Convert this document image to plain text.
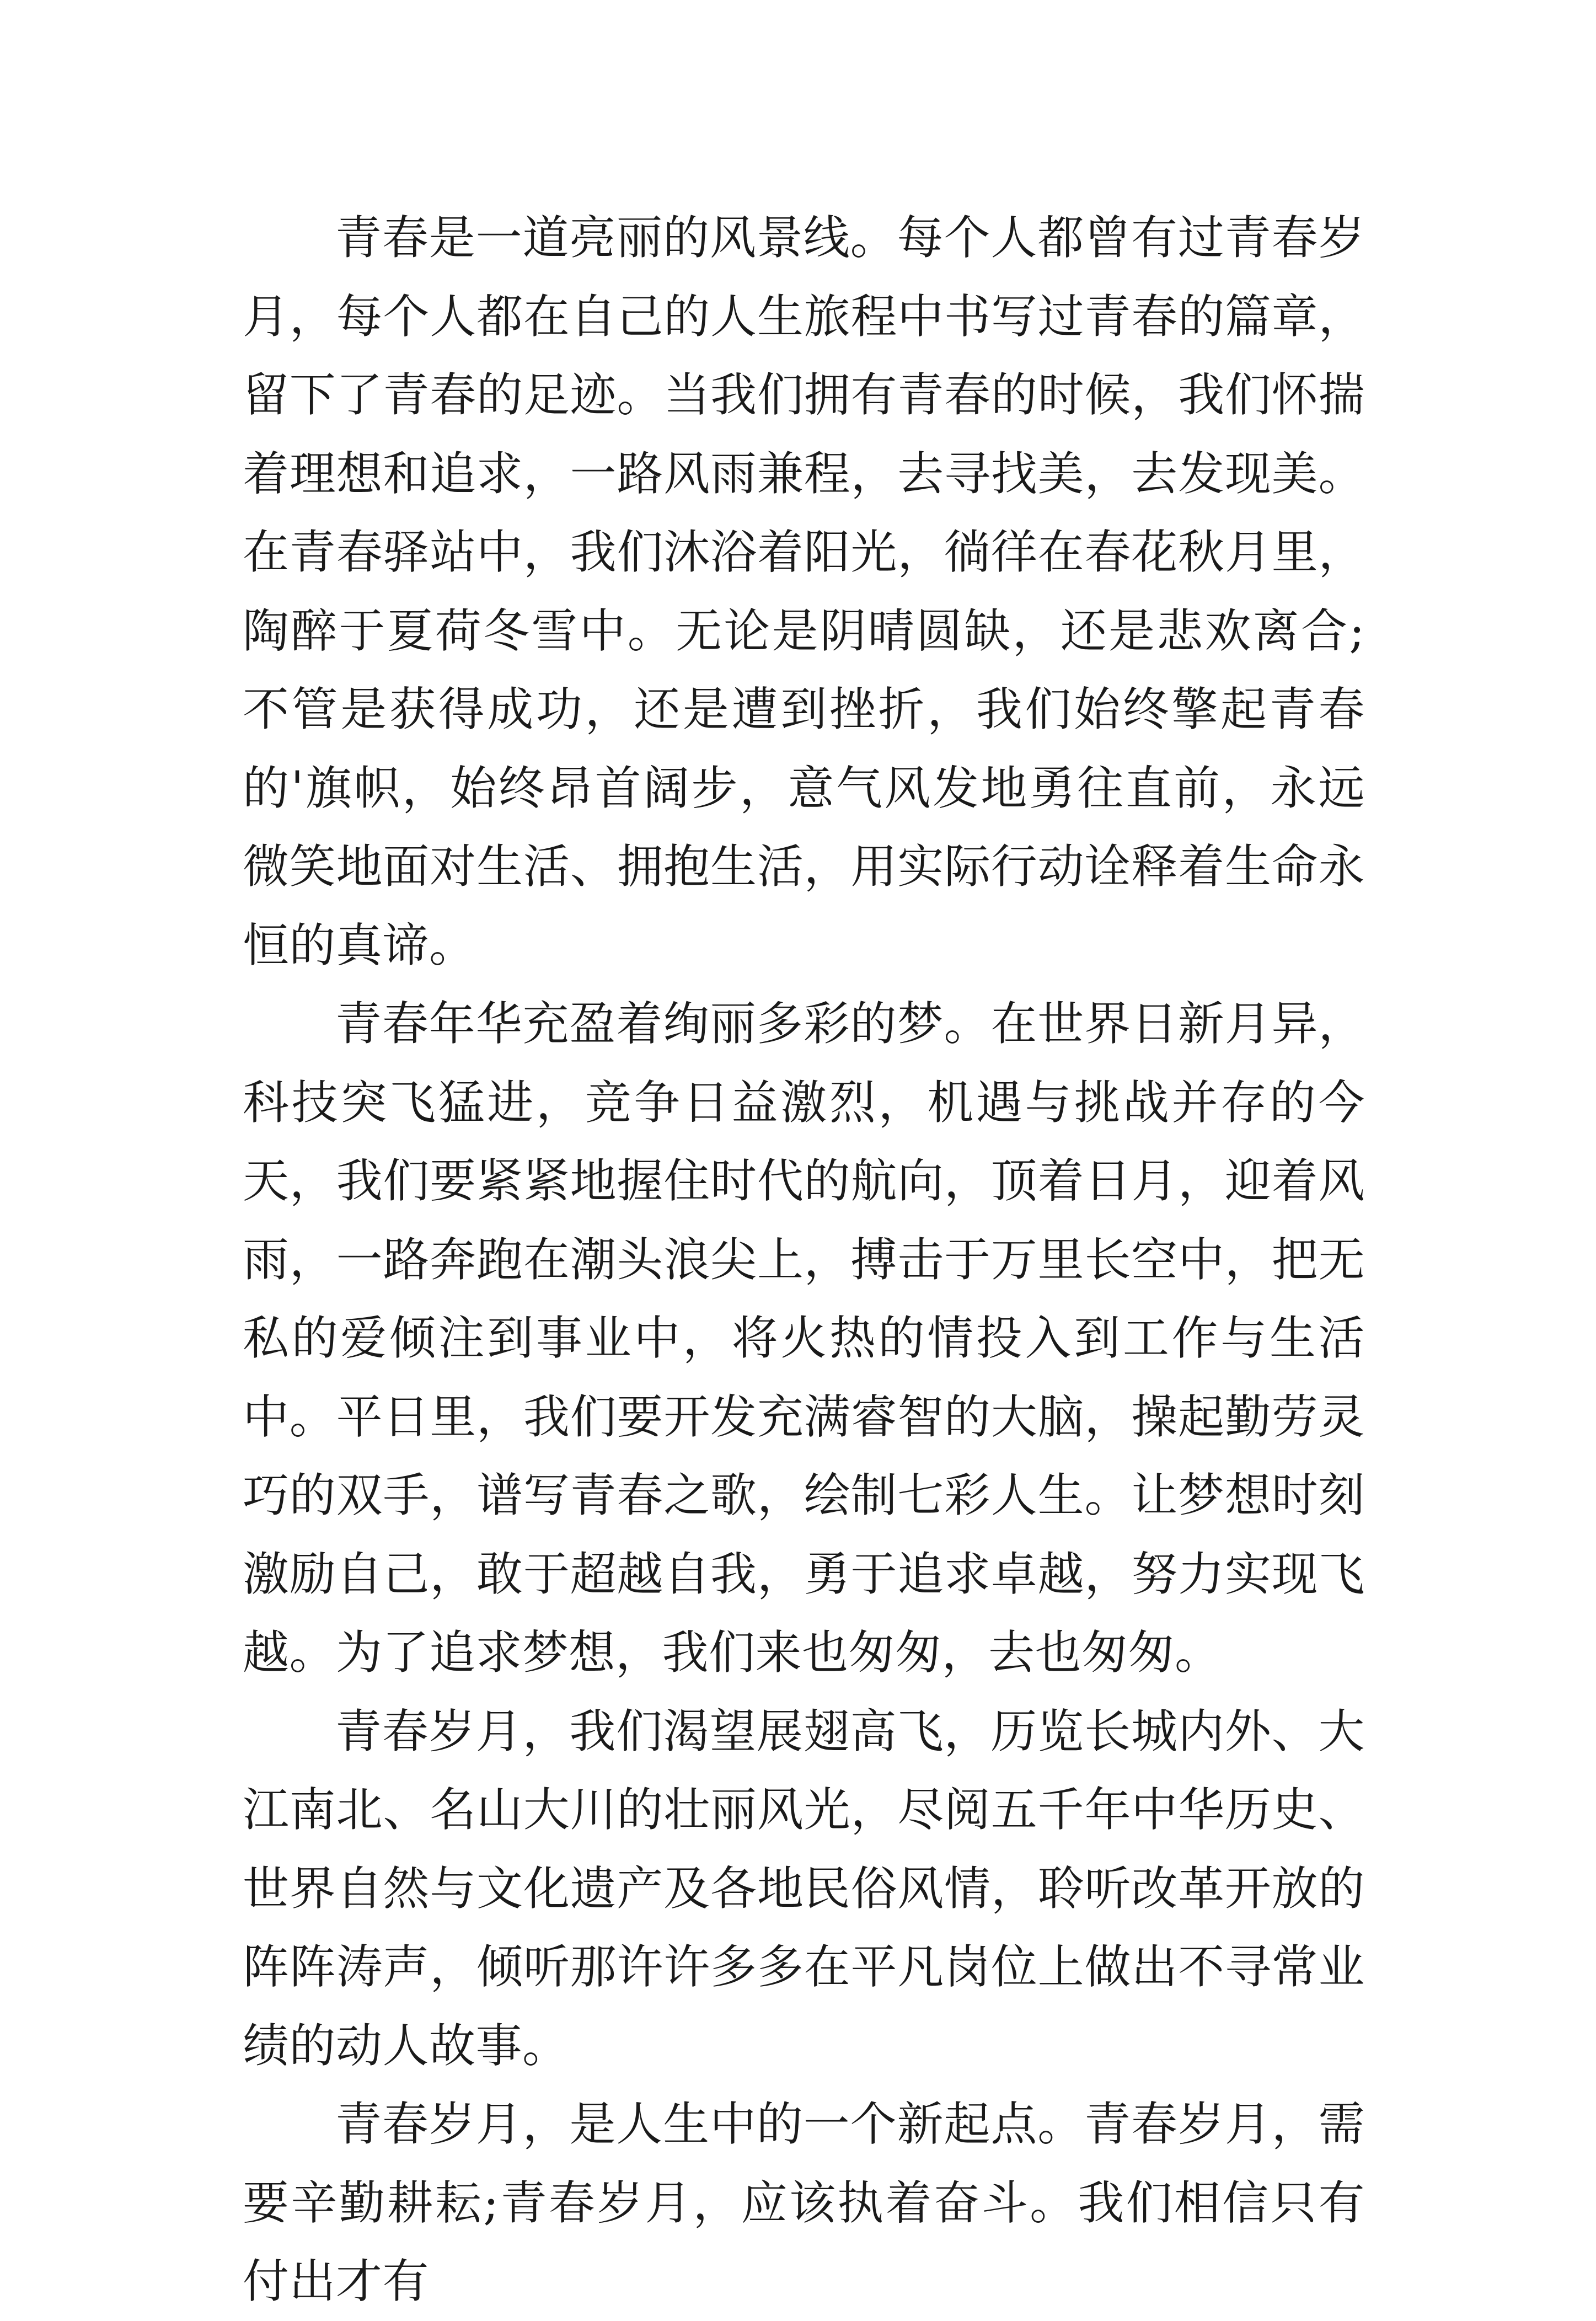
青春是一道亮丽的风景线。每个人都曾有过青春岁月，每个人都在自己的人生旅程中书写过青春的篇章，留下了青春的足迹。当我们拥有青春的时候，我们怀揣着理想和追求，一路风雨兼程，去寻找美，去发现美。在青春驿站中，我们沐浴着阳光，徜徉在春花秋月里，陶醉于夏荷冬雪中。无论是阴晴圆缺，还是悲欢离合;不管是获得成功，还是遭到挫折，我们始终擎起青春的'旗帜，始终昂首阔步，意气风发地勇往直前，永远微笑地面对生活、拥抱生活，用实际行动诠释着生命永恒的真谛。

青春年华充盈着绚丽多彩的梦。在世界日新月异，科技突飞猛进，竞争日益激烈，机遇与挑战并存的今天，我们要紧紧地握住时代的航向，顶着日月，迎着风雨，一路奔跑在潮头浪尖上，搏击于万里长空中，把无私的爱倾注到事业中，将火热的情投入到工作与生活中。平日里，我们要开发充满睿智的大脑，操起勤劳灵巧的双手，谱写青春之歌，绘制七彩人生。让梦想时刻激励自己，敢于超越自我，勇于追求卓越，努力实现飞越。为了追求梦想，我们来也匆匆，去也匆匆。

青春岁月，我们渴望展翅高飞，历览长城内外、大江南北、名山大川的壮丽风光，尽阅五千年中华历史、世界自然与文化遗产及各地民俗风情，聆听改革开放的阵阵涛声，倾听那许许多多在平凡岗位上做出不寻常业绩的动人故事。

青春岁月，是人生中的一个新起点。青春岁月，需要辛勤耕耘;青春岁月，应该执着奋斗。我们相信只有付出才有
